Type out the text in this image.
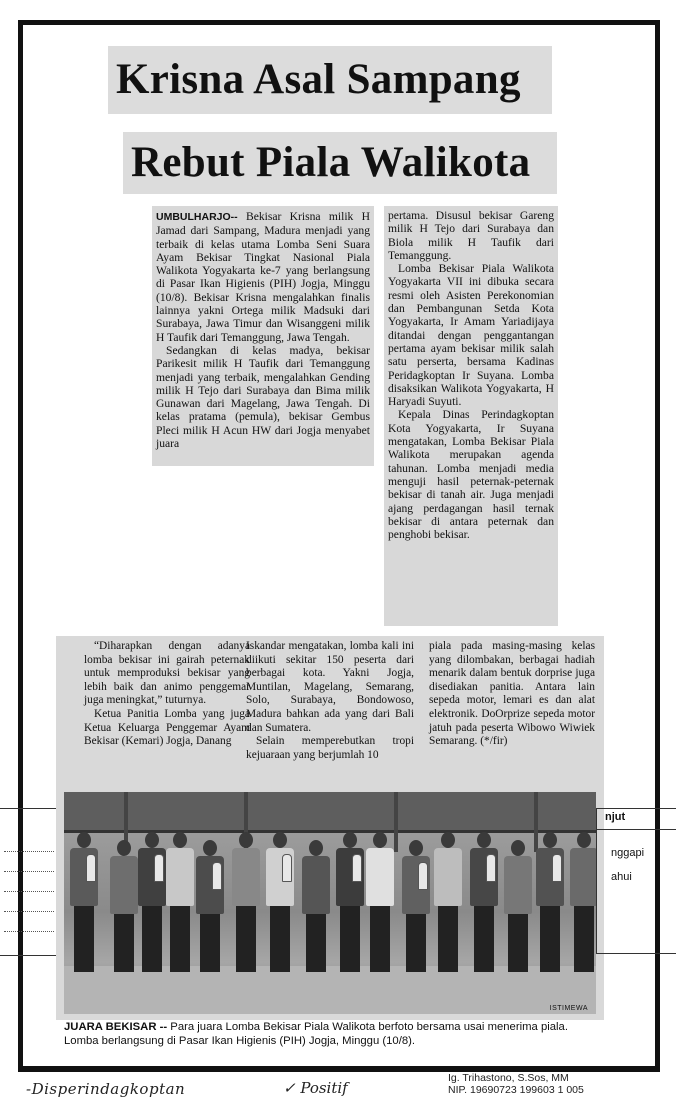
Krisna Asal Sampang
Rebut Piala Walikota

UMBULHARJO-- Bekisar Krisna milik H Jamad dari Sampang, Madura menjadi yang terbaik di kelas utama Lomba Seni Suara Ayam Bekisar Tingkat Nasional Piala Walikota Yogyakarta ke-7 yang berlangsung di Pasar Ikan Higienis (PIH) Jogja, Minggu (10/8). Bekisar Krisna mengalahkan finalis lainnya yakni Ortega milik Madsuki dari Surabaya, Jawa Timur dan Wisanggeni milik H Taufik dari Temanggung, Jawa Tengah.

Sedangkan di kelas madya, bekisar Parikesit milik H Taufik dari Temanggung menjadi yang terbaik, mengalahkan Gending milik H Tejo dari Surabaya dan Bima milik Gunawan dari Magelang, Jawa Tengah. Di kelas pratama (pemula), bekisar Gembus Pleci milik H Acun HW dari Jogja menyabet juara

pertama. Disusul bekisar Gareng milik H Tejo dari Surabaya dan Biola milik H Taufik dari Temanggung.

Lomba Bekisar Piala Walikota Yogyakarta VII ini dibuka secara resmi oleh Asisten Perekonomian dan Pembangunan Setda Kota Yogyakarta, Ir Amam Yariadijaya ditandai dengan penggantangan pertama ayam bekisar milik salah satu perserta, bersama Kadinas Peridagkoptan Ir Suyana. Lomba disaksikan Walikota Yogyakarta, H Haryadi Suyuti.

Kepala Dinas Perindagkoptan Kota Yogyakarta, Ir Suyana mengatakan, Lomba Bekisar Piala Walikota merupakan agenda tahunan. Lomba menjadi media menguji hasil peternak-peternak bekisar di tanah air. Juga menjadi ajang perdagangan hasil ternak bekisar di antara peternak dan penghobi bekisar.

“Diharapkan dengan adanya lomba bekisar ini gairah peternak untuk memproduksi bekisar yang lebih baik dan animo penggemar juga meningkat,” tuturnya.

Ketua Panitia Lomba yang juga Ketua Keluarga Penggemar Ayam Bekisar (Kemari) Jogja, Danang

Iskandar mengatakan, lomba kali ini diikuti sekitar 150 peserta dari berbagai kota. Yakni Jogja, Muntilan, Magelang, Semarang, Solo, Surabaya, Bondowoso, Madura bahkan ada yang dari Bali dan Sumatera.

Selain memperebutkan tropi kejuaraan yang berjumlah 10

piala pada masing-masing kelas yang dilombakan, berbagai hadiah menarik dalam bentuk dorprise juga disediakan panitia. Antara lain sepeda motor, lemari es dan alat elektronik. DoOrprize sepeda motor jatuh pada peserta Wibowo Wiwiek Semarang. (*/fir)

njut
nggapi
ahui
ISTIMEWA
JUARA BEKISAR -- Para juara Lomba Bekisar Piala Walikota berfoto bersama usai menerima piala. Lomba berlangsung di Pasar Ikan Higienis (PIH) Jogja, Minggu (10/8).
-Disperindagkoptan	✓ Positif
Ig. Trihastono, S.Sos, MM
NIP. 19690723 199603 1 005
